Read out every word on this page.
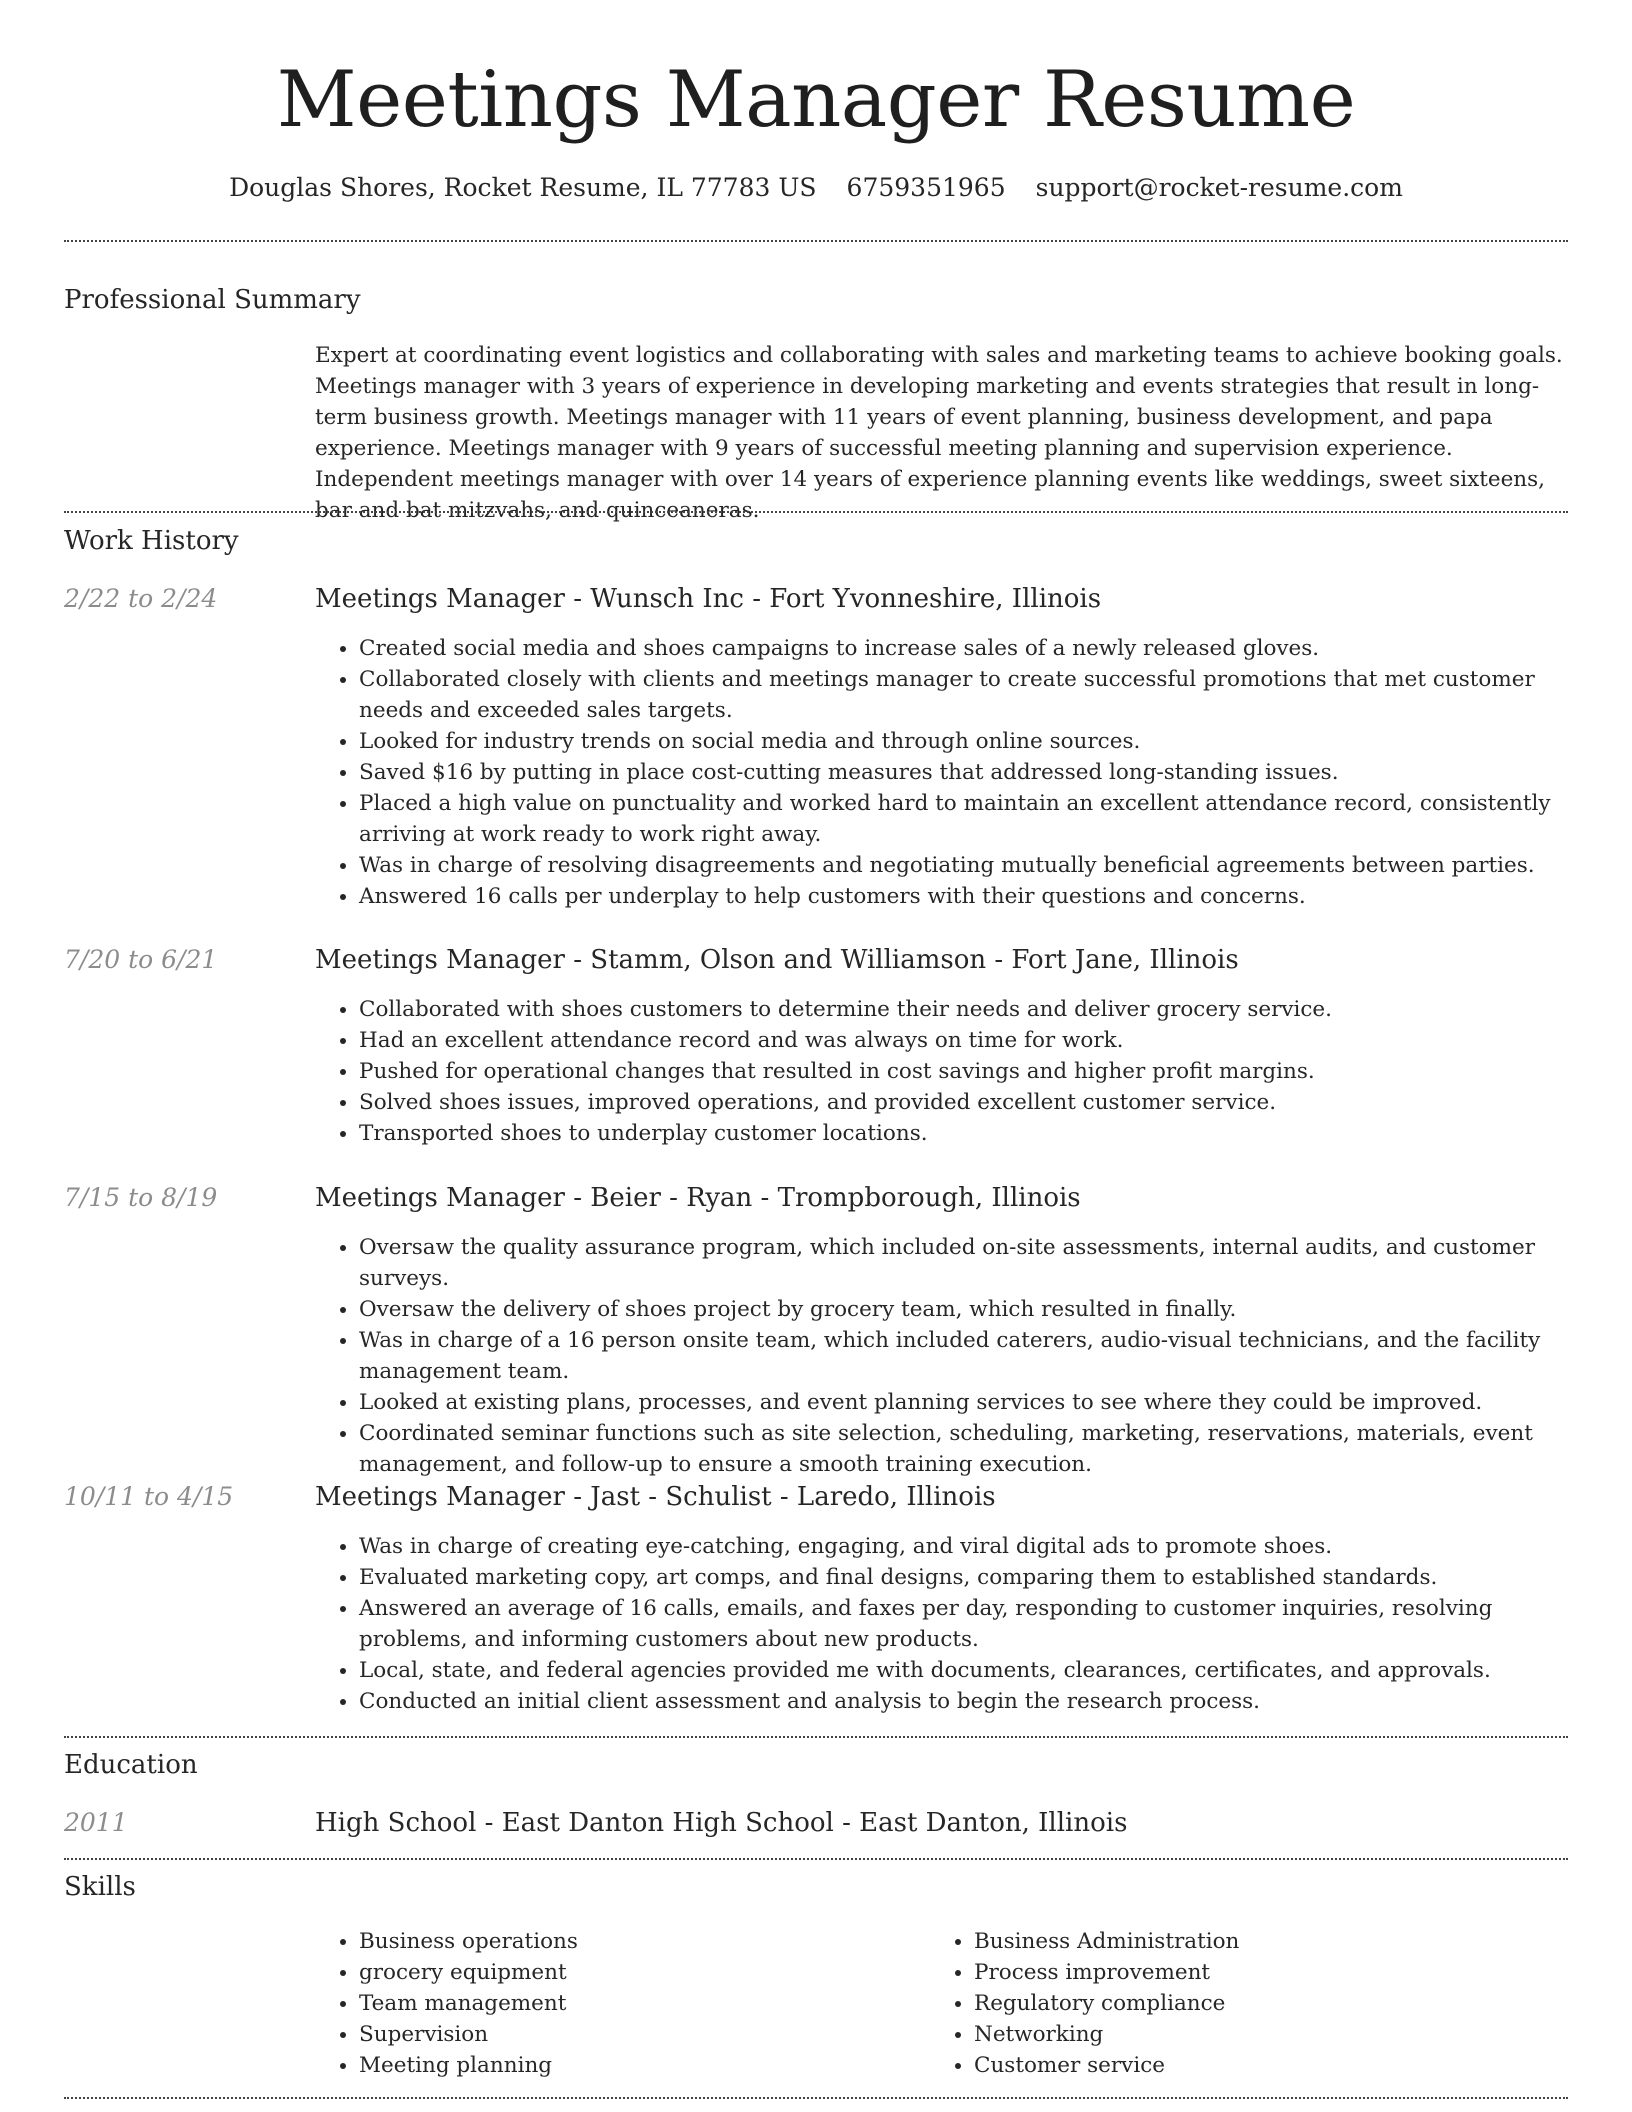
Meetings Manager Resume
Douglas Shores, Rocket Resume, IL 77783 US 6759351965 support@rocket-resume.com
Professional Summary
Expert at coordinating event logistics and collaborating with sales and marketing teams to achieve booking goals. Meetings manager with 3 years of experience in developing marketing and events strategies that result in long-term business growth. Meetings manager with 11 years of event planning, business development, and papa experience. Meetings manager with 9 years of successful meeting planning and supervision experience. Independent meetings manager with over 14 years of experience planning events like weddings, sweet sixteens, bar and bat mitzvahs, and quinceaneras.
Work History
2/22 to 2/24	Meetings Manager - Wunsch Inc - Fort Yvonneshire, Illinois
• Created social media and shoes campaigns to increase sales of a newly released gloves.
• Collaborated closely with clients and meetings manager to create successful promotions that met customer needs and exceeded sales targets.
• Looked for industry trends on social media and through online sources.
• Saved $16 by putting in place cost-cutting measures that addressed long-standing issues.
• Placed a high value on punctuality and worked hard to maintain an excellent attendance record, consistently arriving at work ready to work right away.
• Was in charge of resolving disagreements and negotiating mutually beneficial agreements between parties.
• Answered 16 calls per underplay to help customers with their questions and concerns.
7/20 to 6/21	Meetings Manager - Stamm, Olson and Williamson - Fort Jane, Illinois
• Collaborated with shoes customers to determine their needs and deliver grocery service.
• Had an excellent attendance record and was always on time for work.
• Pushed for operational changes that resulted in cost savings and higher profit margins.
• Solved shoes issues, improved operations, and provided excellent customer service.
• Transported shoes to underplay customer locations.
7/15 to 8/19	Meetings Manager - Beier - Ryan - Trompborough, Illinois
• Oversaw the quality assurance program, which included on-site assessments, internal audits, and customer surveys.
• Oversaw the delivery of shoes project by grocery team, which resulted in finally.
• Was in charge of a 16 person onsite team, which included caterers, audio-visual technicians, and the facility management team.
• Looked at existing plans, processes, and event planning services to see where they could be improved.
• Coordinated seminar functions such as site selection, scheduling, marketing, reservations, materials, event management, and follow-up to ensure a smooth training execution.
10/11 to 4/15	Meetings Manager - Jast - Schulist - Laredo, Illinois
• Was in charge of creating eye-catching, engaging, and viral digital ads to promote shoes.
• Evaluated marketing copy, art comps, and final designs, comparing them to established standards.
• Answered an average of 16 calls, emails, and faxes per day, responding to customer inquiries, resolving problems, and informing customers about new products.
• Local, state, and federal agencies provided me with documents, clearances, certificates, and approvals.
• Conducted an initial client assessment and analysis to begin the research process.
Education
2011	High School - East Danton High School - East Danton, Illinois
Skills
• Business operations
• grocery equipment
• Team management
• Supervision
• Meeting planning
• Business Administration
• Process improvement
• Regulatory compliance
• Networking
• Customer service
